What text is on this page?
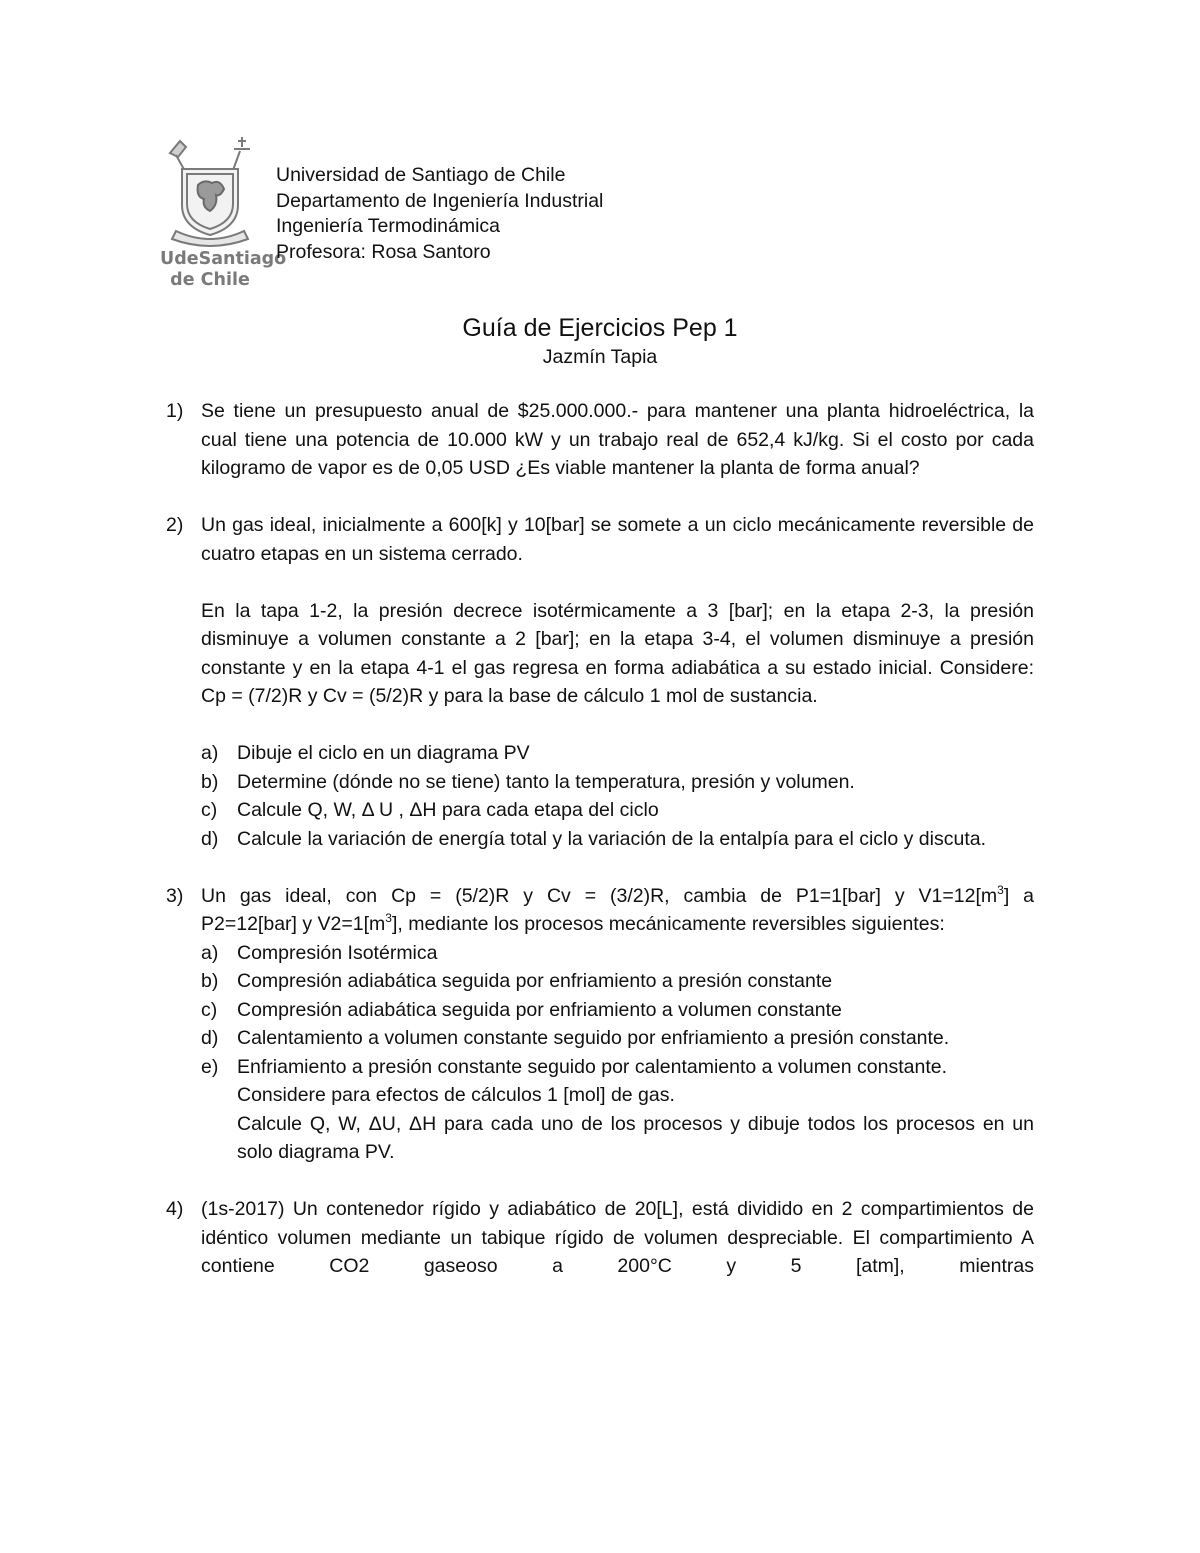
UdeSantiago
de Chile
Universidad de Santiago de Chile
Departamento de Ingeniería Industrial
Ingeniería Termodinámica
Profesora: Rosa Santoro
Guía de Ejercicios Pep 1
Jazmín Tapia
1) Se tiene un presupuesto anual de $25.000.000.- para mantener una planta hidroeléctrica, la cual tiene una potencia de 10.000 kW y un trabajo real de 652,4 kJ/kg. Si el costo por cada kilogramo de vapor es de 0,05 USD ¿Es viable mantener la planta de forma anual?
2) Un gas ideal, inicialmente a 600[k] y 10[bar] se somete a un ciclo mecánicamente reversible de cuatro etapas en un sistema cerrado.
En la tapa 1-2, la presión decrece isotérmicamente a 3 [bar]; en la etapa 2-3, la presión disminuye a volumen constante a 2 [bar]; en la etapa 3-4, el volumen disminuye a presión constante y en la etapa 4-1 el gas regresa en forma adiabática a su estado inicial. Considere: Cp = (7/2)R y Cv = (5/2)R y para la base de cálculo 1 mol de sustancia.
a) Dibuje el ciclo en un diagrama PV
b) Determine (dónde no se tiene) tanto la temperatura, presión y volumen.
c) Calcule Q, W, Δ U , ΔH para cada etapa del ciclo
d) Calcule la variación de energía total y la variación de la entalpía para el ciclo y discuta.
3) Un gas ideal, con Cp = (5/2)R y Cv = (3/2)R, cambia de P1=1[bar] y $V1=12[m^3]$ a
P2=12[bar] y $V2=1[m^3]$, mediante los procesos mecánicamente reversibles siguientes:
a) Compresión Isotérmica
b) Compresión adiabática seguida por enfriamiento a presión constante
c) Compresión adiabática seguida por enfriamiento a volumen constante
d) Calentamiento a volumen constante seguido por enfriamiento a presión constante.
e) Enfriamiento a presión constante seguido por calentamiento a volumen constante.
Considere para efectos de cálculos 1 [mol] de gas.
Calcule Q, W, ΔU, ΔH para cada uno de los procesos y dibuje todos los procesos en un solo diagrama PV.
4) (1s-2017) Un contenedor rígido y adiabático de 20[L], está dividido en 2 compartimientos de idéntico volumen mediante un tabique rígido de volumen despreciable. El compartimiento A contiene CO2 gaseoso a 200°C y 5 [atm], mientras
